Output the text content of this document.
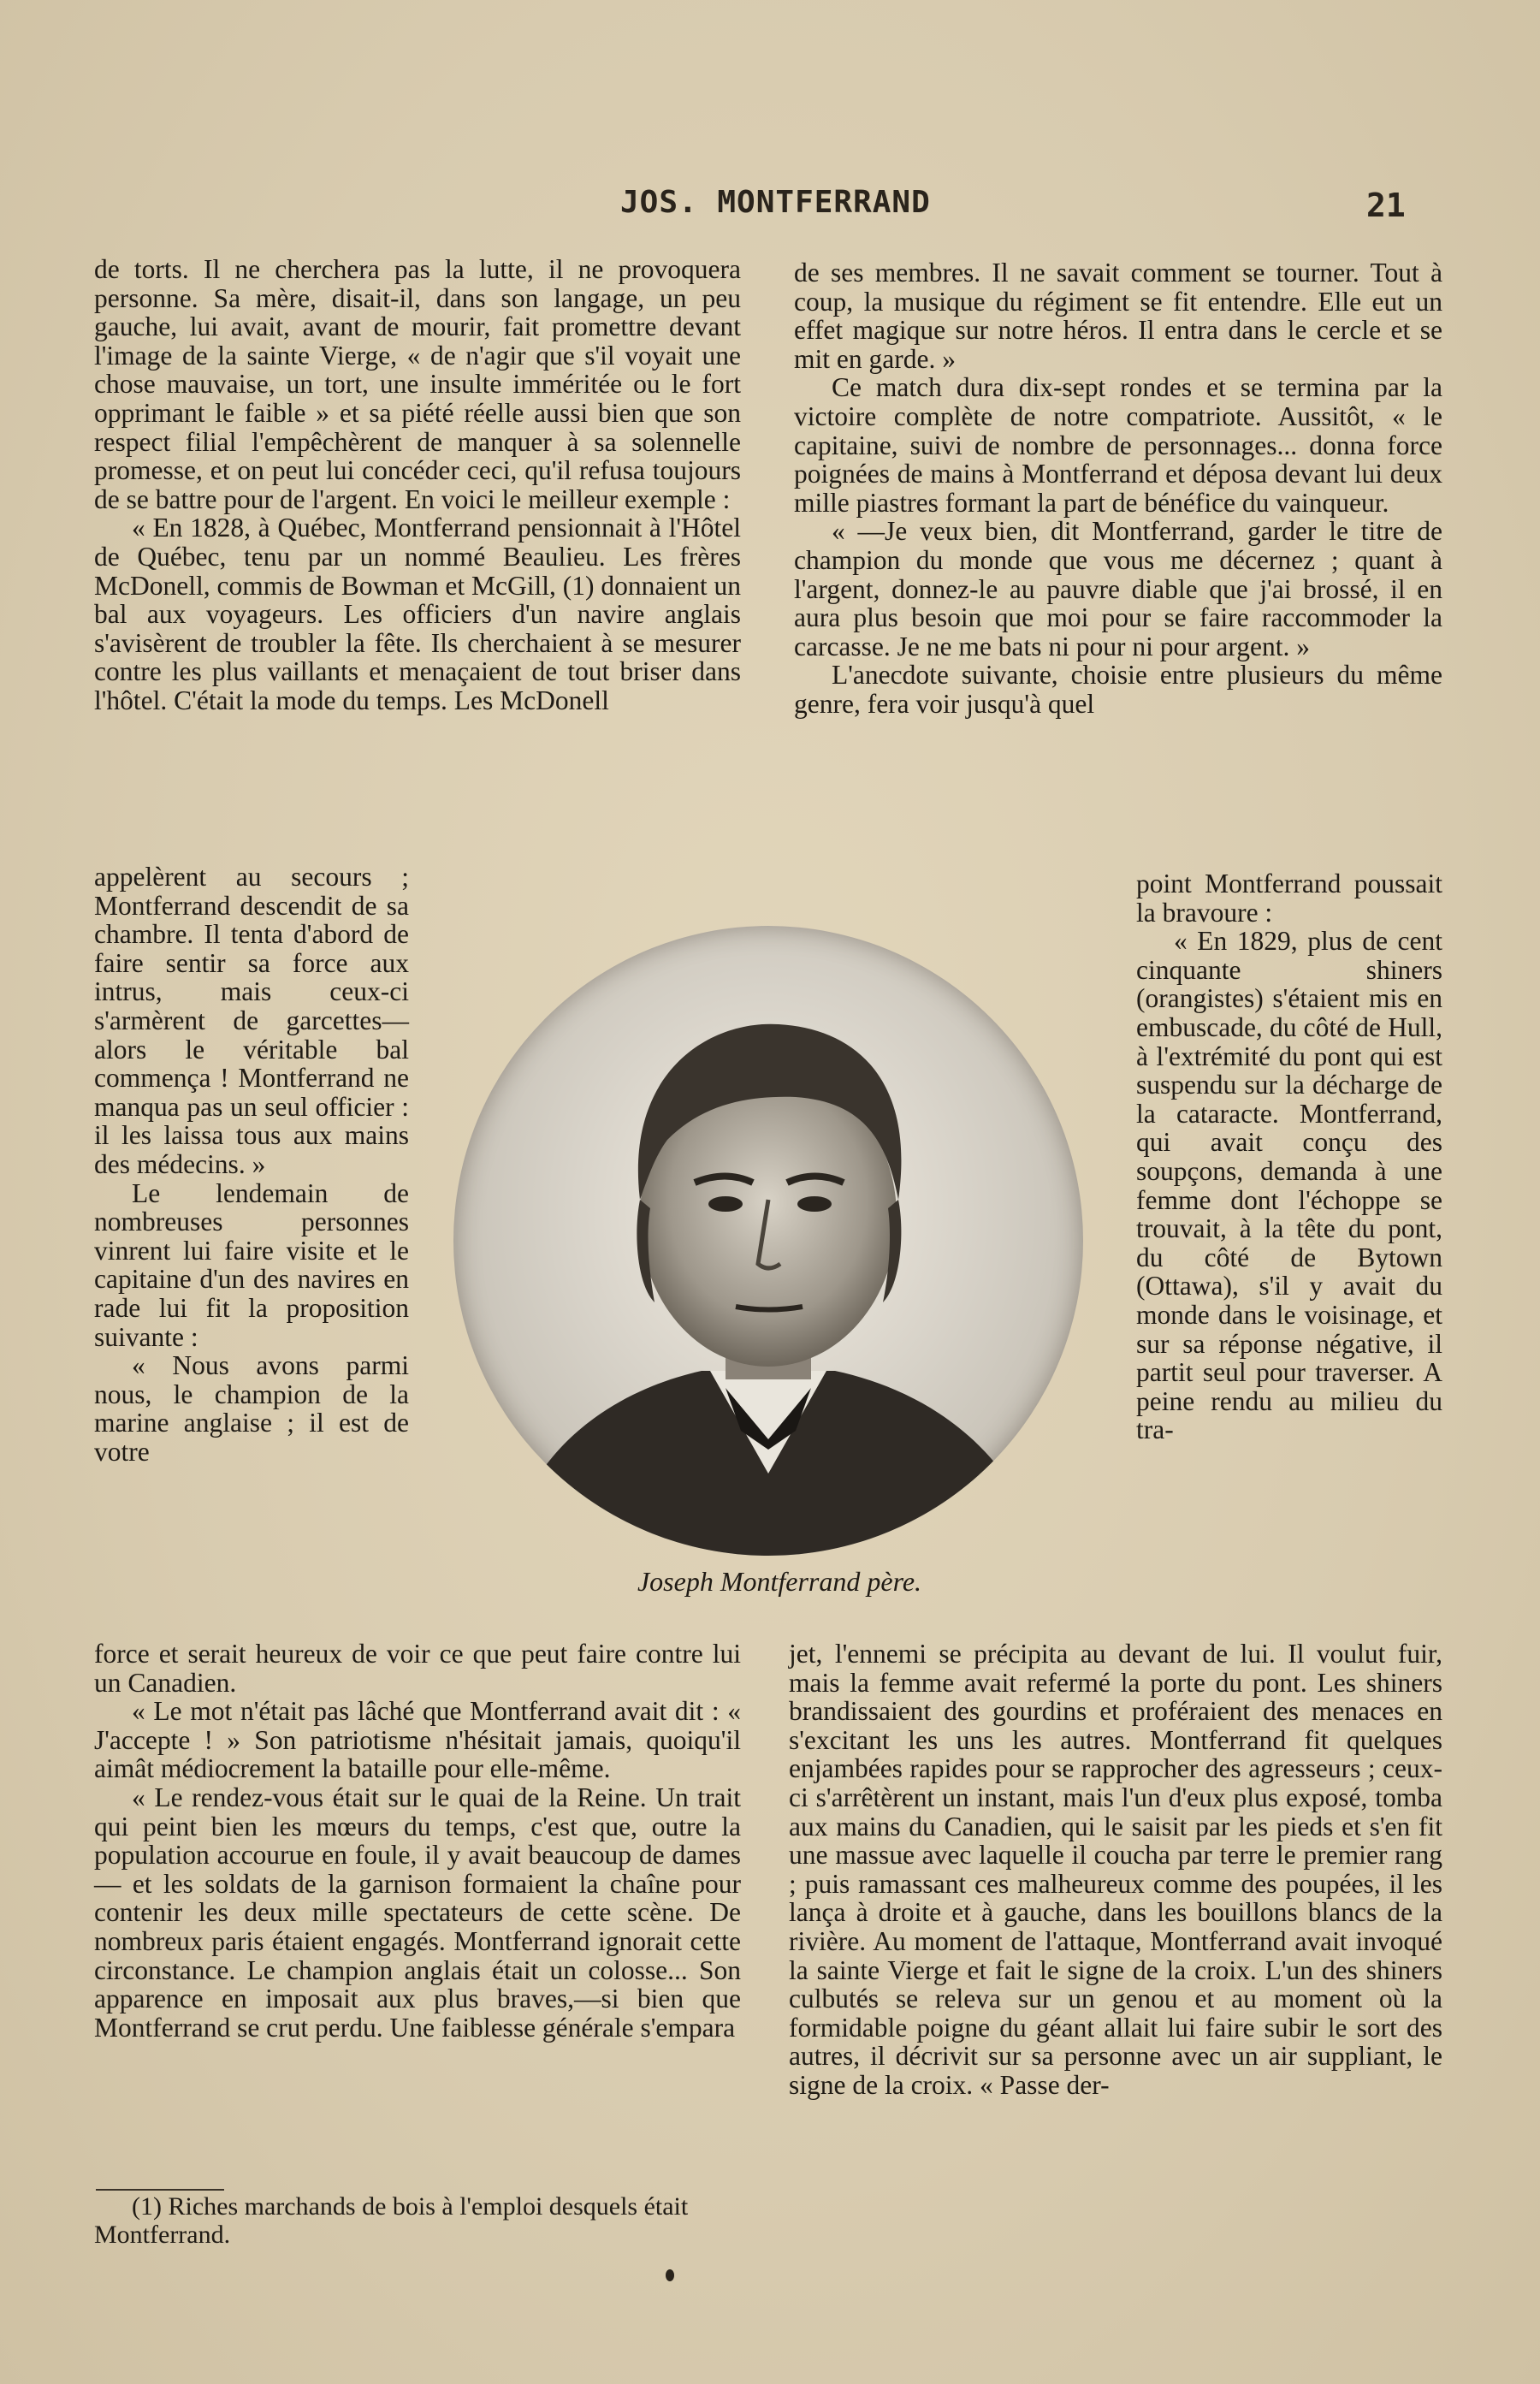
JOS. MONTFERRAND	21

de torts. Il ne cherchera pas la lutte, il ne provoquera personne. Sa mère, disait-il, dans son langage, un peu gauche, lui avait, avant de mourir, fait promettre devant l'image de la sainte Vierge, « de n'agir que s'il voyait une chose mauvaise, un tort, une insulte imméritée ou le fort opprimant le faible » et sa piété réelle aussi bien que son respect filial l'empêchèrent de manquer à sa solennelle promesse, et on peut lui concéder ceci, qu'il refusa toujours de se battre pour de l'argent. En voici le meilleur exemple :

« En 1828, à Québec, Montferrand pensionnait à l'Hôtel de Québec, tenu par un nommé Beaulieu. Les frères McDonell, commis de Bowman et McGill, (1) donnaient un bal aux voyageurs. Les officiers d'un navire anglais s'avisèrent de troubler la fête. Ils cherchaient à se mesurer contre les plus vaillants et menaçaient de tout briser dans l'hôtel. C'était la mode du temps. Les McDonell

appelèrent au secours ; Montferrand descendit de sa chambre. Il tenta d'abord de faire sentir sa force aux intrus, mais ceux-ci s'armèrent de garcettes—alors le véritable bal commença ! Montferrand ne manqua pas un seul officier : il les laissa tous aux mains des médecins. »

Le lendemain de nombreuses personnes vinrent lui faire visite et le capitaine d'un des navires en rade lui fit la proposition suivante :

« Nous avons parmi nous, le champion de la marine anglaise ; il est de votre

force et serait heureux de voir ce que peut faire contre lui un Canadien.

« Le mot n'était pas lâché que Montferrand avait dit : « J'accepte ! » Son patriotisme n'hésitait jamais, quoiqu'il aimât médiocrement la bataille pour elle-même.

« Le rendez-vous était sur le quai de la Reine. Un trait qui peint bien les mœurs du temps, c'est que, outre la population accourue en foule, il y avait beaucoup de dames— et les soldats de la garnison formaient la chaîne pour contenir les deux mille spectateurs de cette scène. De nombreux paris étaient engagés. Montferrand ignorait cette circonstance. Le champion anglais était un colosse... Son apparence en imposait aux plus braves,—si bien que Montferrand se crut perdu. Une faiblesse générale s'empara

de ses membres. Il ne savait comment se tourner. Tout à coup, la musique du régiment se fit entendre. Elle eut un effet magique sur notre héros. Il entra dans le cercle et se mit en garde. »

Ce match dura dix-sept rondes et se termina par la victoire complète de notre compatriote. Aussitôt, « le capitaine, suivi de nombre de personnages... donna force poignées de mains à Montferrand et déposa devant lui deux mille piastres formant la part de bénéfice du vainqueur.

« —Je veux bien, dit Montferrand, garder le titre de champion du monde que vous me décernez ; quant à l'argent, donnez-le au pauvre diable que j'ai brossé, il en aura plus besoin que moi pour se faire raccommoder la carcasse. Je ne me bats ni pour ni pour argent. »

L'anecdote suivante, choisie entre plusieurs du même genre, fera voir jusqu'à quel

point Montferrand poussait la bravoure :

« En 1829, plus de cent cinquante shiners (orangistes) s'étaient mis en embuscade, du côté de Hull, à l'extrémité du pont qui est suspendu sur la décharge de la cataracte. Montferrand, qui avait conçu des soupçons, demanda à une femme dont l'échoppe se trouvait, à la tête du pont, du côté de Bytown (Ottawa), s'il y avait du monde dans le voisinage, et sur sa réponse négative, il partit seul pour traverser. A peine rendu au milieu du tra-

jet, l'ennemi se précipita au devant de lui. Il voulut fuir, mais la femme avait refermé la porte du pont. Les shiners brandissaient des gourdins et proféraient des menaces en s'excitant les uns les autres. Montferrand fit quelques enjambées rapides pour se rapprocher des agresseurs ; ceux-ci s'arrêtèrent un instant, mais l'un d'eux plus exposé, tomba aux mains du Canadien, qui le saisit par les pieds et s'en fit une massue avec laquelle il coucha par terre le premier rang ; puis ramassant ces malheureux comme des poupées, il les lança à droite et à gauche, dans les bouillons blancs de la rivière. Au moment de l'attaque, Montferrand avait invoqué la sainte Vierge et fait le signe de la croix. L'un des shiners culbutés se releva sur un genou et au moment où la formidable poigne du géant allait lui faire subir le sort des autres, il décrivit sur sa personne avec un air suppliant, le signe de la croix. « Passe der-

Joseph Montferrand père.

(1) Riches marchands de bois à l'emploi desquels était Montferrand.
